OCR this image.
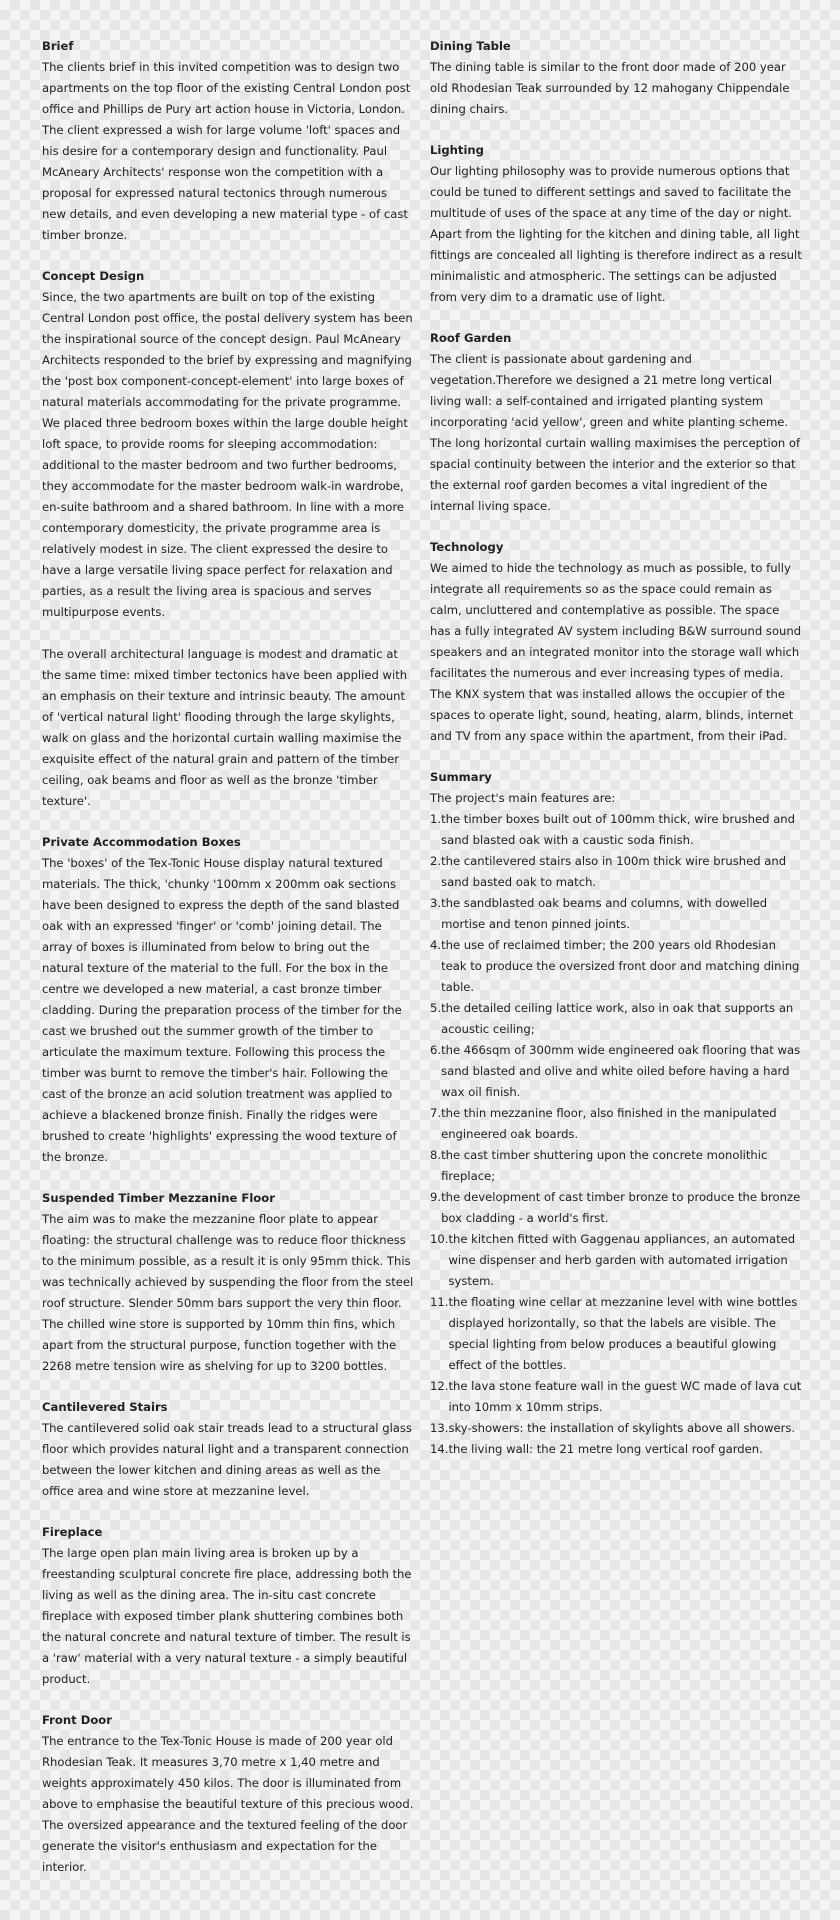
Brief

The clients brief in this invited competition was to design two apartments on the top floor of the existing Central London post office and Phillips de Pury art action house in Victoria, London. The client expressed a wish for large volume 'loft' spaces and his desire for a contemporary design and functionality. Paul McAneary Architects' response won the competition with a proposal for expressed natural tectonics through numerous new details, and even developing a new material type - of cast timber bronze.

Concept Design

Since, the two apartments are built on top of the existing Central London post office, the postal delivery system has been the inspirational source of the concept design. Paul McAneary Architects responded to the brief by expressing and magnifying the 'post box component-concept-element' into large boxes of natural materials accommodating for the private programme.

We placed three bedroom boxes within the large double height loft space, to provide rooms for sleeping accommodation: additional to the master bedroom and two further bedrooms, they accommodate for the master bedroom walk-in wardrobe, en-suite bathroom and a shared bathroom. In line with a more contemporary domesticity, the private programme area is relatively modest in size. The client expressed the desire to have a large versatile living space perfect for relaxation and parties, as a result the living area is spacious and serves multipurpose events.

The overall architectural language is modest and dramatic at the same time: mixed timber tectonics have been applied with an emphasis on their texture and intrinsic beauty. The amount of 'vertical natural light' flooding through the large skylights, walk on glass and the horizontal curtain walling maximise the exquisite effect of the natural grain and pattern of the timber ceiling, oak beams and floor as well as the bronze 'timber texture'.

Private Accommodation Boxes

The 'boxes' of the Tex-Tonic House display natural textured materials. The thick, 'chunky '100mm x 200mm oak sections have been designed to express the depth of the sand blasted oak with an expressed 'finger' or 'comb' joining detail. The array of boxes is illuminated from below to bring out the natural texture of the material to the full. For the box in the centre we developed a new material, a cast bronze timber cladding. During the preparation process of the timber for the cast we brushed out the summer growth of the timber to articulate the maximum texture. Following this process the timber was burnt to remove the timber's hair. Following the cast of the bronze an acid solution treatment was applied to achieve a blackened bronze finish. Finally the ridges were brushed to create 'highlights' expressing the wood texture of the bronze.

Suspended Timber Mezzanine Floor

The aim was to make the mezzanine floor plate to appear floating: the structural challenge was to reduce floor thickness to the minimum possible, as a result it is only 95mm thick. This was technically achieved by suspending the floor from the steel roof structure. Slender 50mm bars support the very thin floor. The chilled wine store is supported by 10mm thin fins, which apart from the structural purpose, function together with the 2268 metre tension wire as shelving for up to 3200 bottles.

Cantilevered Stairs

The cantilevered solid oak stair treads lead to a structural glass floor which provides natural light and a transparent connection between the lower kitchen and dining areas as well as the office area and wine store at mezzanine level.

Fireplace

The large open plan main living area is broken up by a freestanding sculptural concrete fire place, addressing both the living as well as the dining area. The in-situ cast concrete fireplace with exposed timber plank shuttering combines both the natural concrete and natural texture of timber. The result is a 'raw' material with a very natural texture - a simply beautiful product.

Front Door

The entrance to the Tex-Tonic House is made of 200 year old Rhodesian Teak. It measures 3,70 metre x 1,40 metre and weights approximately 450 kilos. The door is illuminated from above to emphasise the beautiful texture of this precious wood.

The oversized appearance and the textured feeling of the door generate the visitor's enthusiasm and expectation for the interior.

Dining Table

The dining table is similar to the front door made of 200 year old Rhodesian Teak surrounded by 12 mahogany Chippendale dining chairs.

Lighting

Our lighting philosophy was to provide numerous options that could be tuned to different settings and saved to facilitate the multitude of uses of the space at any time of the day or night. Apart from the lighting for the kitchen and dining table, all light fittings are concealed all lighting is therefore indirect as a result minimalistic and atmospheric. The settings can be adjusted from very dim to a dramatic use of light.

Roof Garden

The client is passionate about gardening and vegetation.Therefore we designed a 21 metre long vertical living wall: a self-contained and irrigated planting system incorporating 'acid yellow', green and white planting scheme. The long horizontal curtain walling maximises the perception of spacial continuity between the interior and the exterior so that the external roof garden becomes a vital ingredient of the internal living space.

Technology

We aimed to hide the technology as much as possible, to fully integrate all requirements so as the space could remain as calm, uncluttered and contemplative as possible. The space has a fully integrated AV system including B&W surround sound speakers and an integrated monitor into the storage wall which facilitates the numerous and ever increasing types of media. The KNX system that was installed allows the occupier of the spaces to operate light, sound, heating, alarm, blinds, internet and TV from any space within the apartment, from their iPad.

Summary

The project's main features are:

1. the timber boxes built out of 100mm thick, wire brushed and sand blasted oak with a caustic soda finish.
2. the cantilevered stairs also in 100m thick wire brushed and sand basted oak to match.
3. the sandblasted oak beams and columns, with dowelled mortise and tenon pinned joints.
4. the use of reclaimed timber; the 200 years old Rhodesian teak to produce the oversized front door and matching dining table.
5. the detailed ceiling lattice work, also in oak that supports an acoustic ceiling;
6. the 466sqm of 300mm wide engineered oak flooring that was sand blasted and olive and white oiled before having a hard wax oil finish.
7. the thin mezzanine floor, also finished in the manipulated engineered oak boards.
8. the cast timber shuttering upon the concrete monolithic fireplace;
9. the development of cast timber bronze to produce the bronze box cladding - a world's first.
10. the kitchen fitted with Gaggenau appliances, an automated wine dispenser and herb garden with automated irrigation system.
11. the floating wine cellar at mezzanine level with wine bottles displayed horizontally, so that the labels are visible. The special lighting from below produces a beautiful glowing effect of the bottles.
12. the lava stone feature wall in the guest WC made of lava cut into 10mm x 10mm strips.
13. sky-showers: the installation of skylights above all showers.
14. the living wall: the 21 metre long vertical roof garden.
